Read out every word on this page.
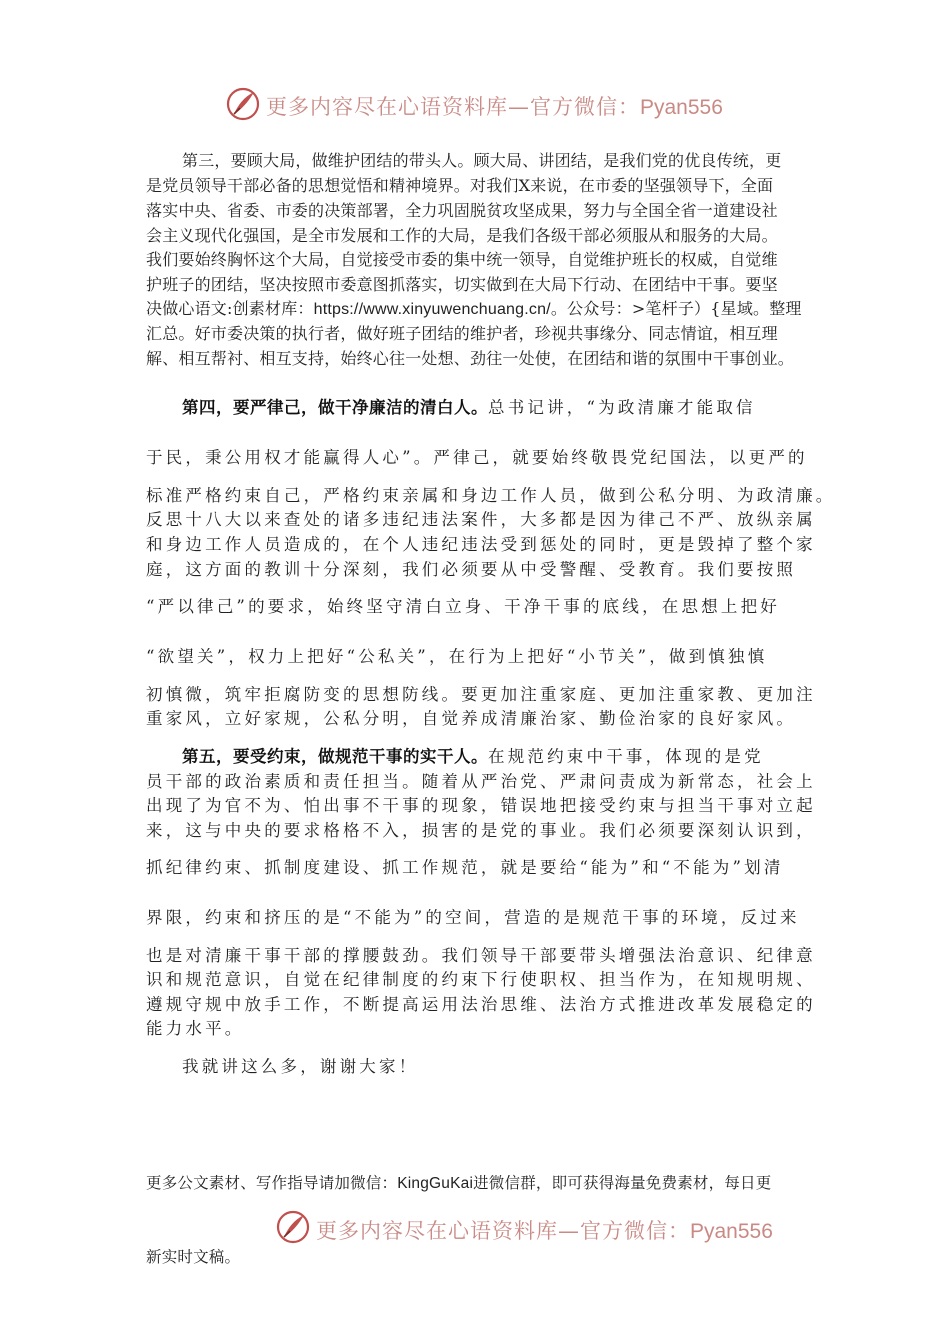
更多内容尽在心语资料库—官方微信：Pyan556
第三，要顾大局，做维护团结的带头人。顾大局、讲团结，是我们党的优良传统，更
是党员领导干部必备的思想觉悟和精神境界。对我们X来说，在市委的坚强领导下，全面
落实中央、省委、市委的决策部署，全力巩固脱贫攻坚成果，努力与全国全省一道建设社
会主义现代化强国，是全市发展和工作的大局，是我们各级干部必须服从和服务的大局。
我们要始终胸怀这个大局，自觉接受市委的集中统一领导，自觉维护班长的权威，自觉维
护班子的团结，坚决按照市委意图抓落实，切实做到在大局下行动、在团结中干事。要坚
决做心语文:创素材库：https://www.xinyuwenchuang.cn/。公众号：>笔杆子）{星域。整理
汇总。好市委决策的执行者，做好班子团结的维护者，珍视共事缘分、同志情谊，相互理
解、相互帮衬、相互支持，始终心往一处想、劲往一处使，在团结和谐的氛围中干事创业。
第四，要严律己，做干净廉洁的清白人。总书记讲，“为政清廉才能取信
于民，秉公用权才能赢得人心”。严律己，就要始终敬畏党纪国法，以更严的
标准严格约束自己，严格约束亲属和身边工作人员，做到公私分明、为政清廉。
反思十八大以来查处的诸多违纪违法案件，大多都是因为律己不严、放纵亲属
和身边工作人员造成的，在个人违纪违法受到惩处的同时，更是毁掉了整个家
庭，这方面的教训十分深刻，我们必须要从中受警醒、受教育。我们要按照
“严以律己”的要求，始终坚守清白立身、干净干事的底线，在思想上把好
“欲望关”，权力上把好“公私关”，在行为上把好“小节关”，做到慎独慎
初慎微，筑牢拒腐防变的思想防线。要更加注重家庭、更加注重家教、更加注
重家风，立好家规，公私分明，自觉养成清廉治家、勤俭治家的良好家风。
第五，要受约束，做规范干事的实干人。在规范约束中干事，体现的是党
员干部的政治素质和责任担当。随着从严治党、严肃问责成为新常态，社会上
出现了为官不为、怕出事不干事的现象，错误地把接受约束与担当干事对立起
来，这与中央的要求格格不入，损害的是党的事业。我们必须要深刻认识到，
抓纪律约束、抓制度建设、抓工作规范，就是要给“能为”和“不能为”划清
界限，约束和挤压的是“不能为”的空间，营造的是规范干事的环境，反过来
也是对清廉干事干部的撑腰鼓劲。我们领导干部要带头增强法治意识、纪律意
识和规范意识，自觉在纪律制度的约束下行使职权、担当作为，在知规明规、
遵规守规中放手工作，不断提高运用法治思维、法治方式推进改革发展稳定的
能力水平。
我就讲这么多，谢谢大家！
更多公文素材、写作指导请加微信：KingGuKai进微信群，即可获得海量免费素材，每日更
更多内容尽在心语资料库—官方微信：Pyan556
新实时文稿。
